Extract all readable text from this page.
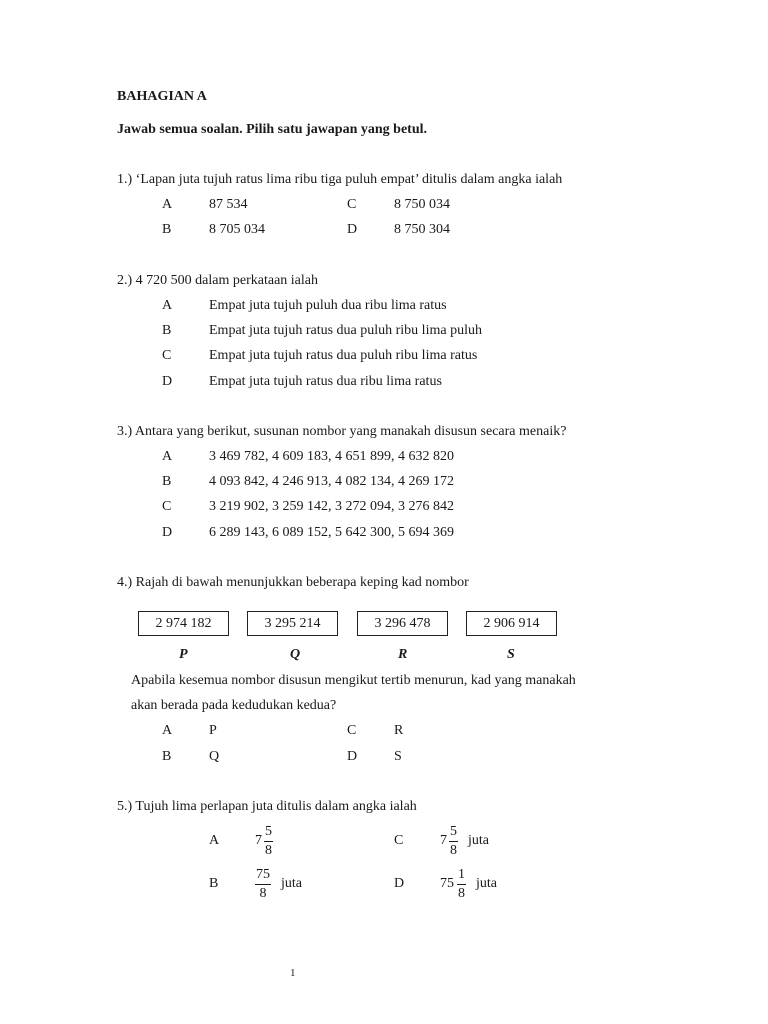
BAHAGIAN A
Jawab semua soalan. Pilih satu jawapan yang betul.
1.) ‘Lapan juta tujuh ratus lima ribu tiga puluh empat’ ditulis dalam angka ialah
A	87 534	C	8 750 034
B	8 705 034	D	8 750 304
2.) 4 720 500 dalam perkataan ialah
A	Empat juta tujuh puluh dua ribu lima ratus
B	Empat juta tujuh ratus dua puluh ribu lima puluh
C	Empat juta tujuh ratus dua puluh ribu lima ratus
D	Empat juta tujuh ratus dua ribu lima ratus
3.) Antara yang berikut, susunan nombor yang manakah disusun secara menaik?
A	3 469 782, 4 609 183, 4 651 899, 4 632 820
B	4 093 842, 4 246 913, 4 082 134, 4 269 172
C	3 219 902, 3 259 142, 3 272 094, 3 276 842
D	6 289 143, 6 089 152, 5 642 300, 5 694 369
4.) Rajah di bawah menunjukkan beberapa keping kad nombor
2 974 182	3 295 214	3 296 478	2 906 914
P	Q	R	S
Apabila kesemua nombor disusun mengikut tertib menurun, kad yang manakah
akan berada pada kedudukan kedua?
A	P	C	R
B	Q	D	S
5.) Tujuh lima perlapan juta ditulis dalam angka ialah
A	$7 \frac{5}{8}$	C	$7 \frac{5}{8}$ juta
B	$\frac{75}{8}$ juta	D	$75 \frac{1}{8}$ juta
1
